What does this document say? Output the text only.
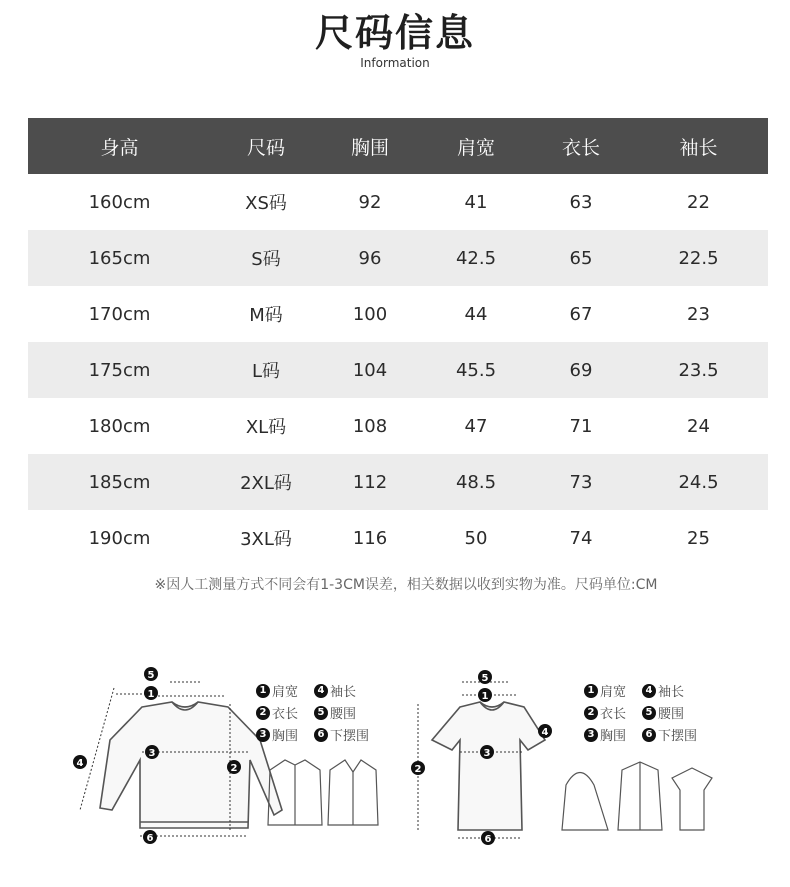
尺码信息
Information
身高	尺码	胸围	肩宽	衣长	袖长
160cm	XS码	92	41	63	22
165cm	S码	96	42.5	65	22.5
170cm	M码	100	44	67	23
175cm	L码	104	45.5	69	23.5
180cm	XL码	108	47	71	24
185cm	2XL码	112	48.5	73	24.5
190cm	3XL码	116	50	74	25
※因人工测量方式不同会有1-3CM误差，相关数据以收到实物为准。尺码单位:CM
5
1
3
4	2
6
1 肩宽	4 袖长
2 衣长	5 腰围
3 胸围	6 下摆围
5
1
3
4
2
6
1 肩宽	4 袖长
2 衣长	5 腰围
3 胸围	6 下摆围
